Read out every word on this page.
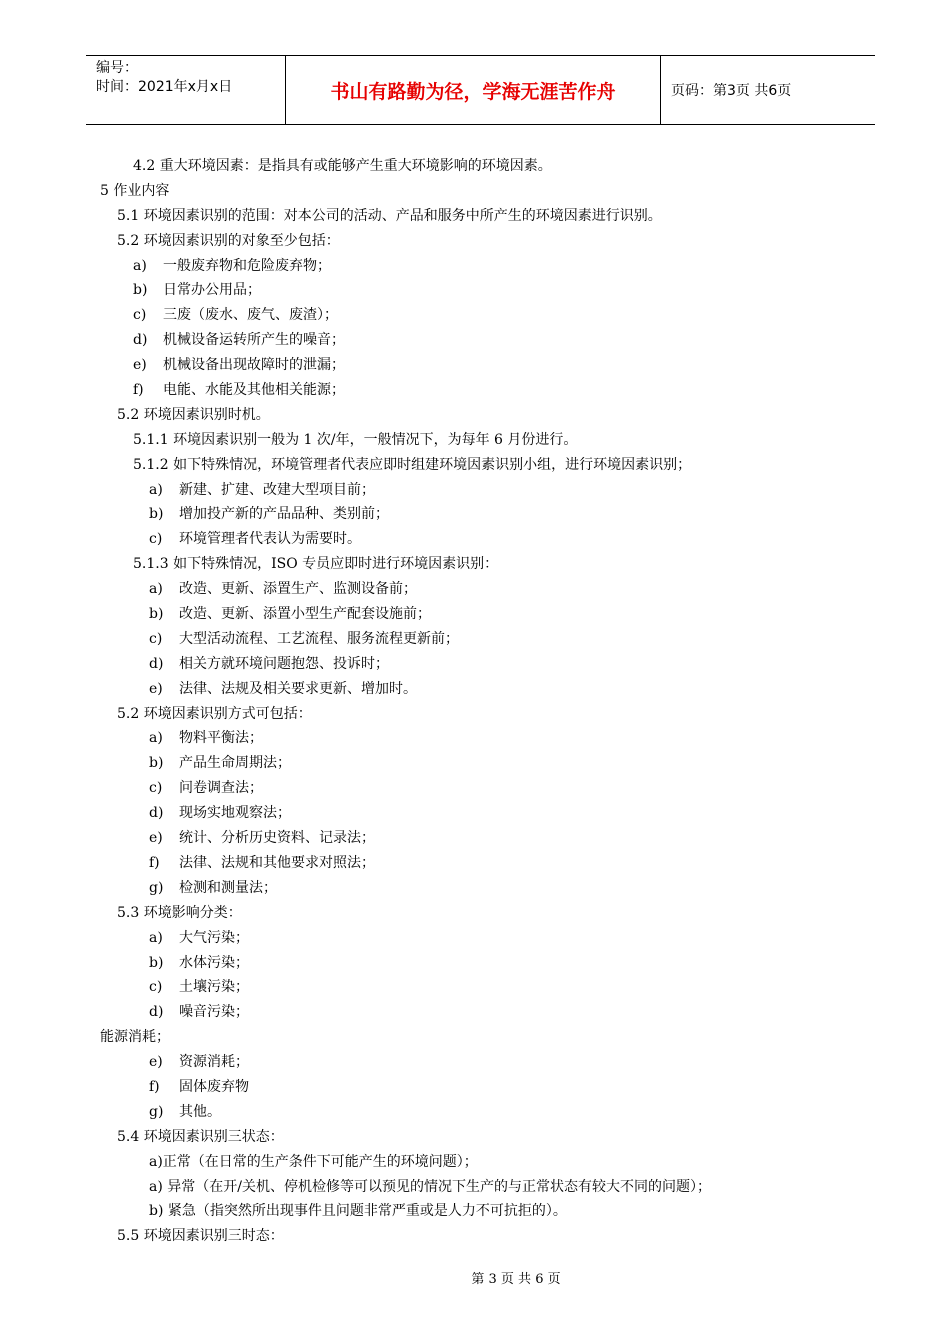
编号：
时间：2021年x月x日	书山有路勤为径，学海无涯苦作舟	页码：第3页 共6页
4.2 重大环境因素：是指具有或能够产生重大环境影响的环境因素。
5 作业内容
5.1 环境因素识别的范围：对本公司的活动、产品和服务中所产生的环境因素进行识别。
5.2 环境因素识别的对象至少包括：
a) 一般废弃物和危险废弃物；
b) 日常办公用品；
c) 三废（废水、废气、废渣）；
d) 机械设备运转所产生的噪音；
e) 机械设备出现故障时的泄漏；
f) 电能、水能及其他相关能源；
5.2 环境因素识别时机。
5.1.1 环境因素识别一般为 1 次/年，一般情况下，为每年 6 月份进行。
5.1.2 如下特殊情况，环境管理者代表应即时组建环境因素识别小组，进行环境因素识别；
a) 新建、扩建、改建大型项目前；
b) 增加投产新的产品品种、类别前；
c) 环境管理者代表认为需要时。
5.1.3 如下特殊情况，ISO 专员应即时进行环境因素识别：
a) 改造、更新、添置生产、监测设备前；
b) 改造、更新、添置小型生产配套设施前；
c) 大型活动流程、工艺流程、服务流程更新前；
d) 相关方就环境问题抱怨、投诉时；
e) 法律、法规及相关要求更新、增加时。
5.2 环境因素识别方式可包括：
a) 物料平衡法；
b) 产品生命周期法；
c) 问卷调查法；
d) 现场实地观察法；
e) 统计、分析历史资料、记录法；
f) 法律、法规和其他要求对照法；
g) 检测和测量法；
5.3 环境影响分类：
a) 大气污染；
b) 水体污染；
c) 土壤污染；
d) 噪音污染；
能源消耗；
e) 资源消耗；
f) 固体废弃物
g) 其他。
5.4 环境因素识别三状态：
a)正常（在日常的生产条件下可能产生的环境问题）；
a) 异常（在开/关机、停机检修等可以预见的情况下生产的与正常状态有较大不同的问题）；
b) 紧急（指突然所出现事件且问题非常严重或是人力不可抗拒的）。
5.5 环境因素识别三时态：
第 3 页 共 6 页
